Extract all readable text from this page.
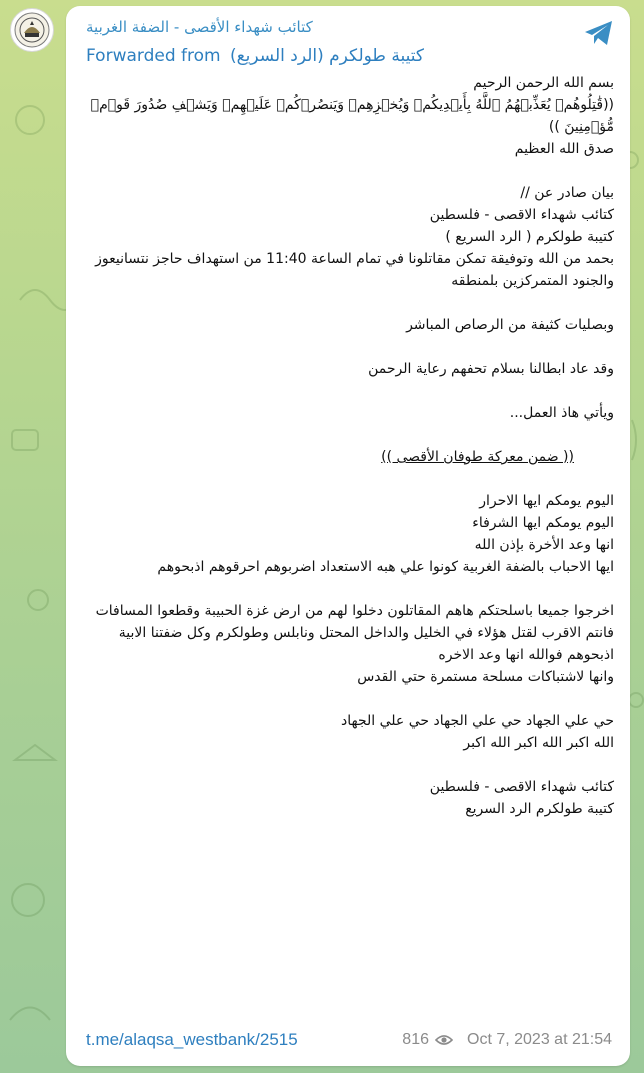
كتائب شهداء الأقصى - الضفة الغربية
Forwarded from كتيبة طولكرم (الرد السريع)
بسم الله الرحمن الرحيم
((قَٰتِلُوهُمۡ يُعَذِّبۡهُمُ ٱللَّهُ بِأَيۡدِيكُمۡ وَيُخۡزِهِمۡ وَيَنصُرۡكُمۡ عَلَيۡهِمۡ وَيَشۡفِ صُدُورَ قَوۡمٖ مُّؤۡمِنِينَ ))
صدق الله العظيم
بيان صادر عن //
كتائب شهداء الاقصى - فلسطين
كتيبة طولكرم ( الرد السريع )
بحمد من الله وتوفيقة تمكن مقاتلونا في تمام الساعة 11:40 من استهداف حاجز نتسانيعوز والجنود المتمركزين بلمنطقه
وبصليات كثيفة من الرصاص المباشر
وقد عاد ابطالنا بسلام تحفهم رعاية الرحمن
ويأتي هاذ العمل...
(( ضمن معركة طوفان الأقصى ))
اليوم يومكم ايها الاحرار
اليوم يومكم ايها الشرفاء
انها وعد الأخرة بإذن الله
ايها الاحباب بالضفة الغربية كونوا علي هبه الاستعداد اضربوهم احرقوهم اذبحوهم
اخرجوا جميعا باسلحتكم هاهم المقاتلون دخلوا لهم من ارض غزة الحبيبة وقطعوا المسافات
فانتم الاقرب لقتل هؤلاء في الخليل والداخل المحتل ونابلس وطولكرم وكل ضفتنا الابية
اذبحوهم فوالله انها وعد الاخره
وانها لاشتباكات مسلحة مستمرة حتي القدس
حي علي الجهاد حي علي الجهاد حي علي الجهاد
الله اكبر الله اكبر الله اكبر
كتائب شهداء الاقصى - فلسطين
كتيبة طولكرم الرد السريع
t.me/alaqsa_westbank/2515	816 Oct 7, 2023 at 21:54
